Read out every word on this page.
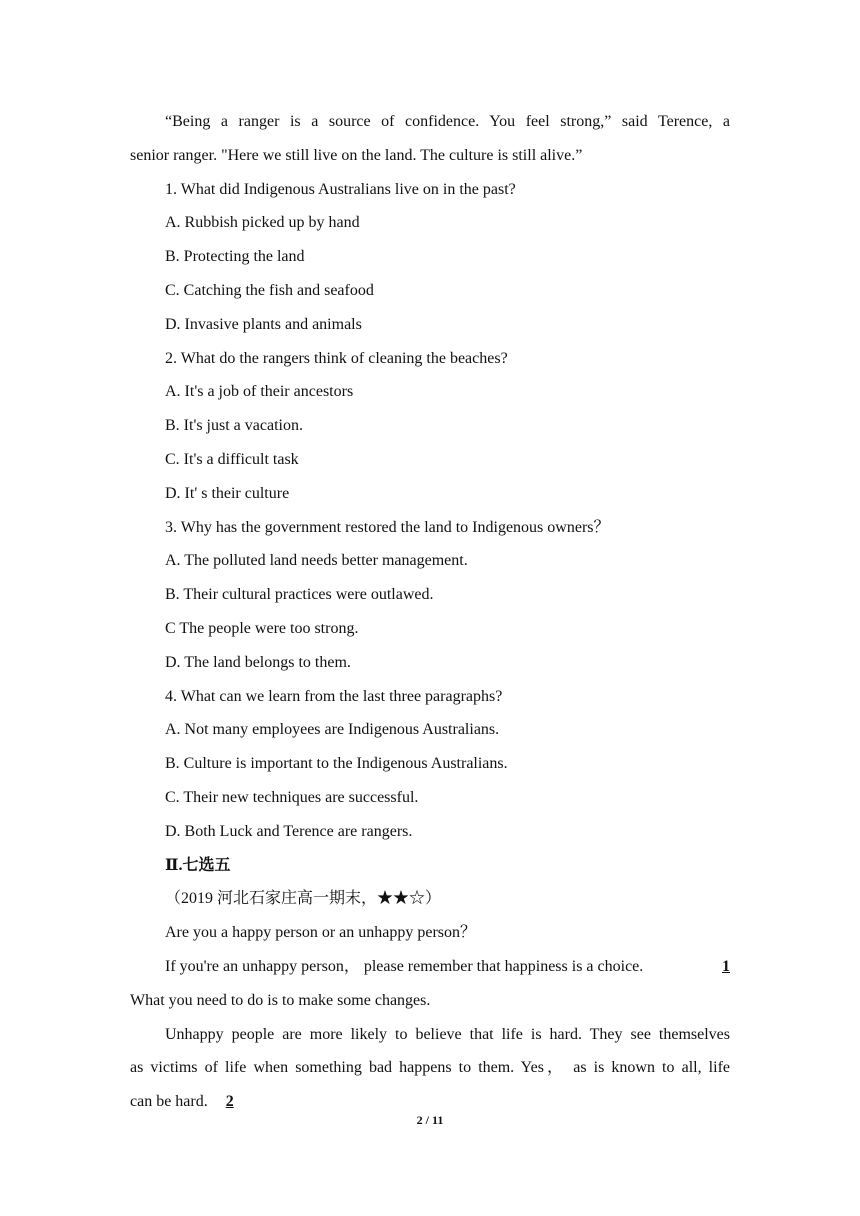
“Being a ranger is a source of confidence. You feel strong,” said Terence, a
senior ranger. "Here we still live on the land. The culture is still alive.”
1. What did Indigenous Australians live on in the past?
A. Rubbish picked up by hand
B. Protecting the land
C. Catching the fish and seafood
D. Invasive plants and animals
2. What do the rangers think of cleaning the beaches?
A. It's a job of their ancestors
B. It's just a vacation.
C. It's a difficult task
D. It' s their culture
3. Why has the government restored the land to Indigenous owners？
A. The polluted land needs better management.
B. Their cultural practices were outlawed.
C The people were too strong.
D. The land belongs to them.
4. What can we learn from the last three paragraphs?
A. Not many employees are Indigenous Australians.
B. Culture is important to the Indigenous Australians.
C. Their new techniques are successful.
D. Both Luck and Terence are rangers.
Ⅱ.七选五
（2019 河北石家庄高一期末，★★☆）
Are you a happy person or an unhappy person？
If you're an unhappy person， please remember that happiness is a choice.	1
What you need to do is to make some changes.
Unhappy people are more likely to believe that life is hard. They see themselves
as victims of life when something bad happens to them. Yes， as is known to all, life
can be hard. 2
2 / 11
